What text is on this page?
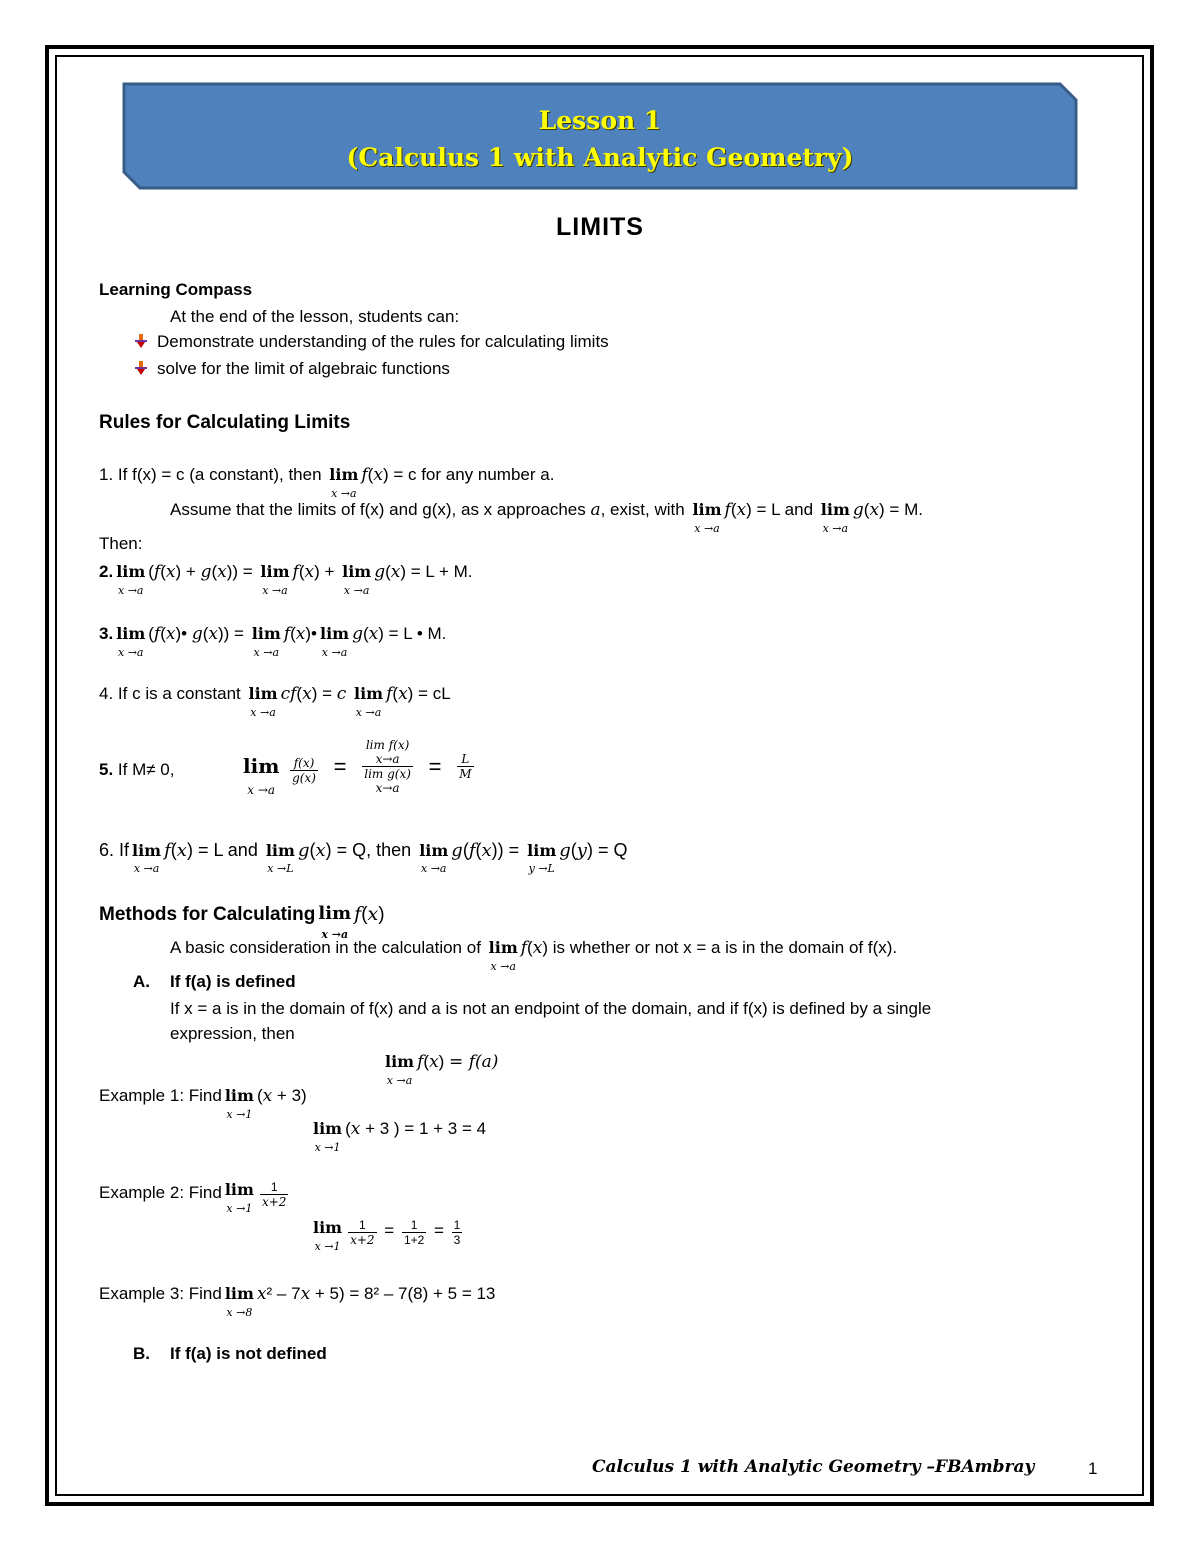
Lesson 1
(Calculus 1 with Analytic Geometry)
LIMITS
Learning Compass
At the end of the lesson, students can:
Demonstrate understanding of the rules for calculating limits
solve for the limit of algebraic functions
Rules for Calculating Limits
1. If f(x) = c (a constant), then lim
x →a
f(x) = c for any number a.
Assume that the limits of f(x) and g(x), as x approaches a, exist, with lim
x →a
f(x) = L and lim
x →a
g(x) = M.
Then:
2. lim
x →a
(f(x) + g(x)) = lim
x →a
f(x) + lim
x →a
g(x) = L + M.
3. lim
x →a
(f(x)• g(x)) = lim
x →a
f(x)• lim
x →a
g(x) = L • M.
4. If c is a constant lim
x →a
cf(x) = c lim
x →a
f(x) = cL
5. If M≠ 0,	lim
x →a

$\frac{f(x)}{g(x)}$ =
lim f(x)
x→a
lim g(x)
x→a
= $\frac{L}{M}$
6. If lim
x →a
f(x) = L and lim
x →L
g(x) = Q, then lim
x →a
g(f(x)) = lim
y →L
g(y) = Q
Methods for Calculating lim
x →a
f(x)
A basic consideration in the calculation of lim
x →a
f(x) is whether or not x = a is in the domain of f(x).
A. If f(a) is defined
If x = a is in the domain of f(x) and a is not an endpoint of the domain, and if f(x) is defined by a single
expression, then
lim
x →a
f(x) = f(a)
Example 1: Find lim
x →1
(x + 3)
lim
x →1
(x + 3 ) = 1 + 3 = 4
Example 2: Find lim
$x \to 1 \frac{1}{x+2}$
lim
$x \to 1 \frac{1}{x+2} = \frac{1}{1+2} = \frac{1}{3}$
Example 3: Find lim
x →8
x² – 7x + 5) = 8² – 7(8) + 5 = 13
B. If f(a) is not defined
Calculus 1 with Analytic Geometry –FBAmbray	1
